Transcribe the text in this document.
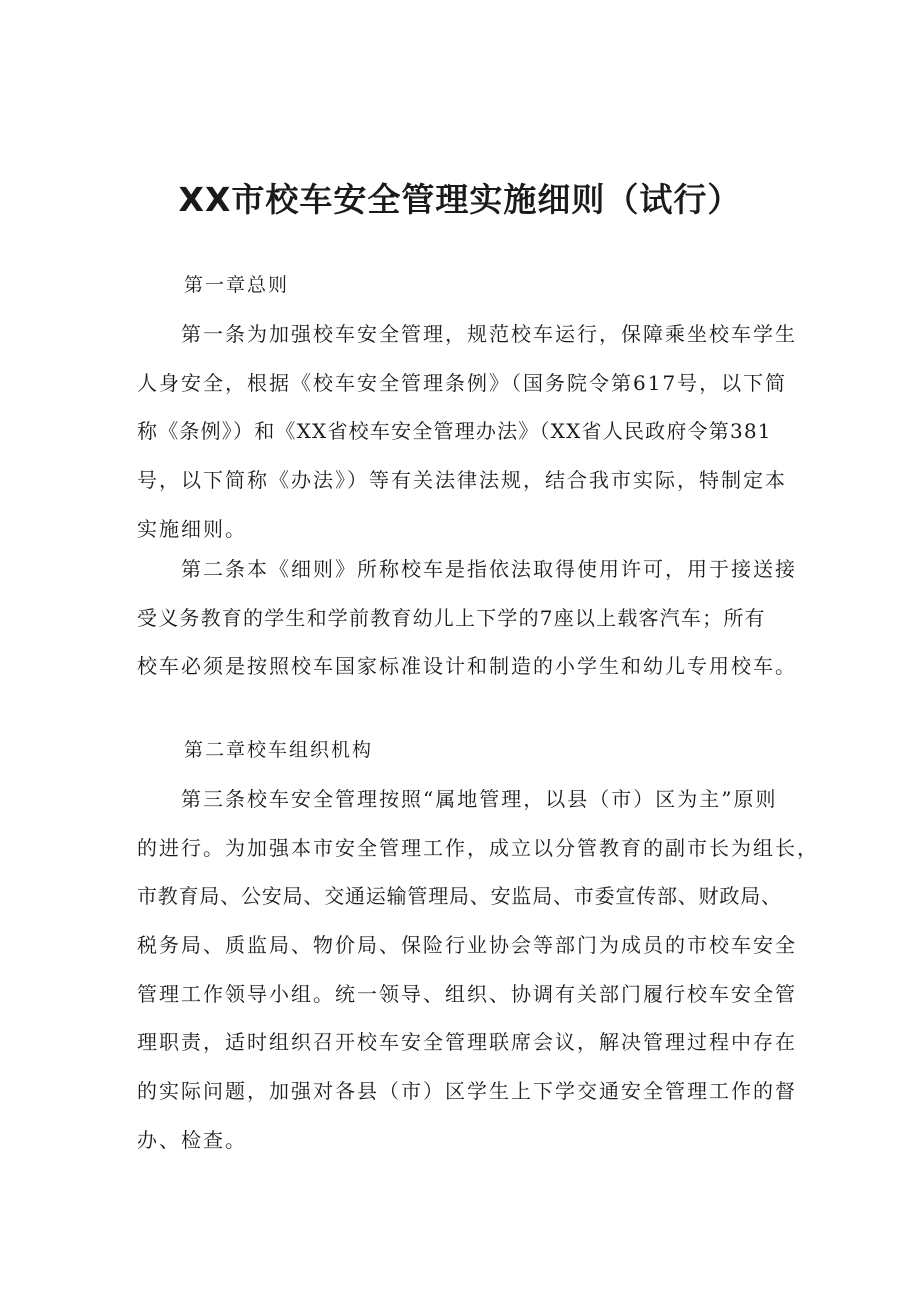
XX市校车安全管理实施细则（试行）

第一章总则

　　第一条为加强校车安全管理，规范校车运行，保障乘坐校车学生
人身安全，根据《校车安全管理条例》（国务院令第617号，以下简
称《条例》）和《XX省校车安全管理办法》（XX省人民政府令第381
号，以下简称《办法》）等有关法律法规，结合我市实际，特制定本
实施细则。
　　第二条本《细则》所称校车是指依法取得使用许可，用于接送接
受义务教育的学生和学前教育幼儿上下学的7座以上载客汽车；所有
校车必须是按照校车国家标准设计和制造的小学生和幼儿专用校车。

第二章校车组织机构

　　第三条校车安全管理按照“属地管理，以县（市）区为主”原则
的进行。为加强本市安全管理工作，成立以分管教育的副市长为组长，
市教育局、公安局、交通运输管理局、安监局、市委宣传部、财政局、
税务局、质监局、物价局、保险行业协会等部门为成员的市校车安全
管理工作领导小组。统一领导、组织、协调有关部门履行校车安全管
理职责，适时组织召开校车安全管理联席会议，解决管理过程中存在
的实际问题，加强对各县（市）区学生上下学交通安全管理工作的督
办、检查。
